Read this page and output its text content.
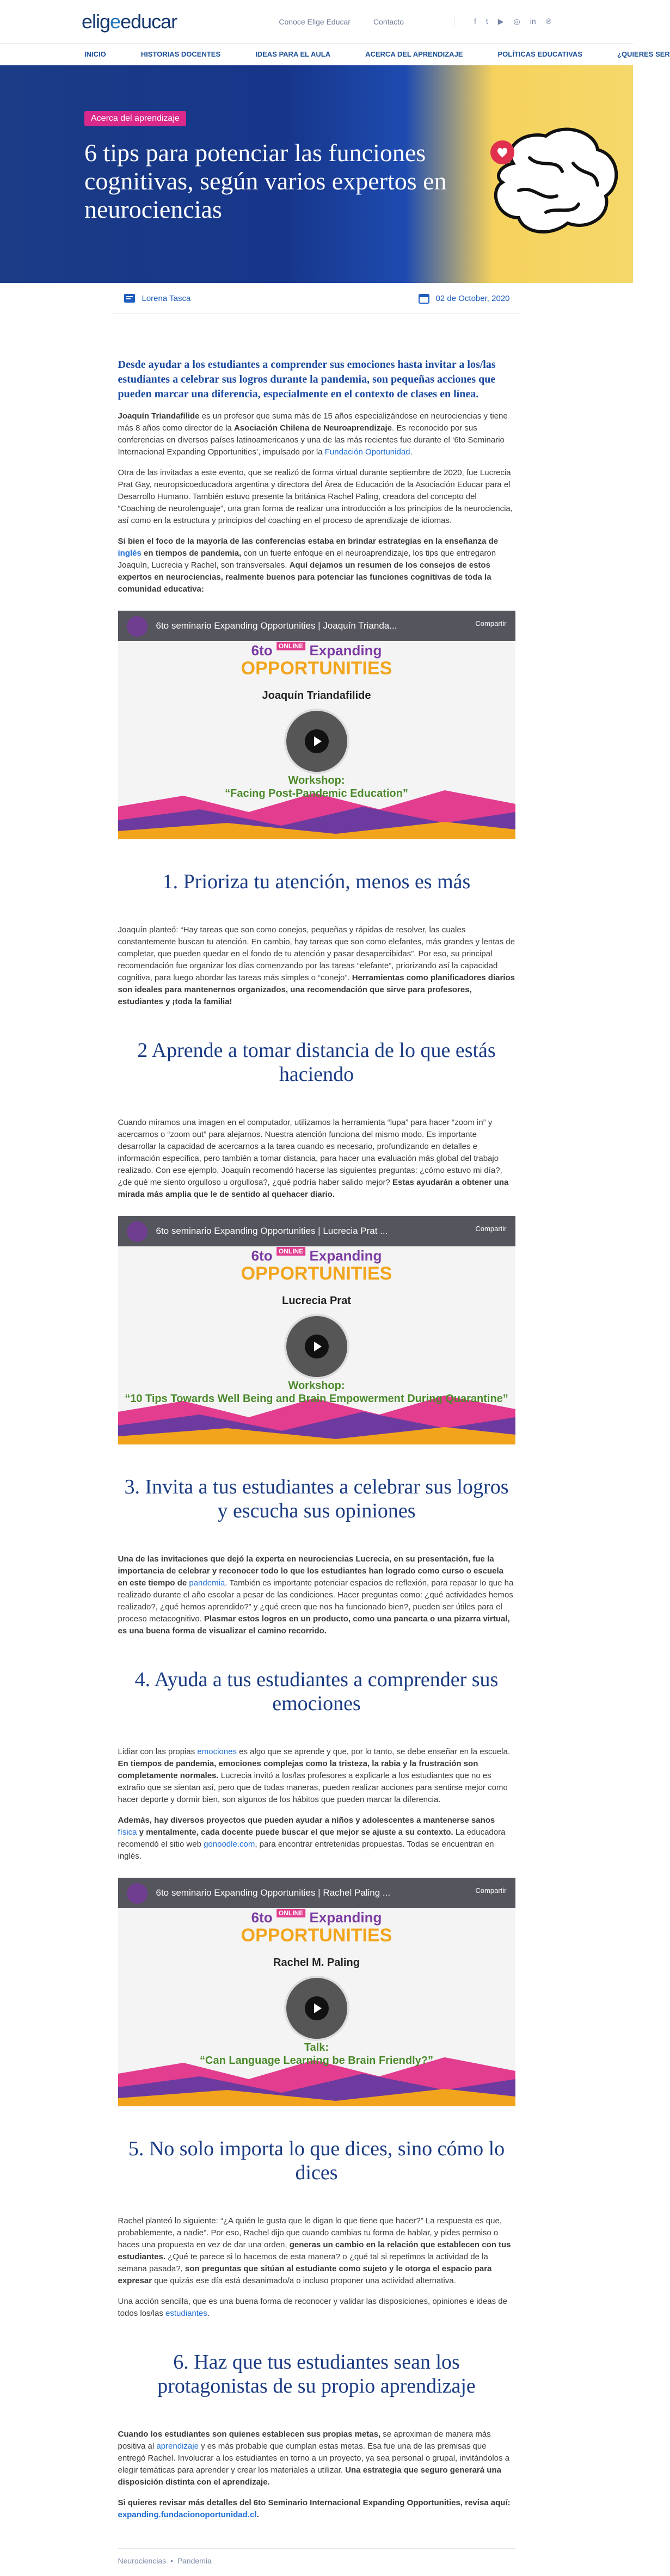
eligeeducar	Conoce Elige Educar	Contacto	f t ▶ ◎ in ℗
INICIO	HISTORIAS DOCENTES	IDEAS PARA EL AULA	ACERCA DEL APRENDIZAJE	POLÍTICAS EDUCATIVAS	¿QUIERES SER
Acerca del aprendizaje
6 tips para potenciar las funciones cognitivas, según varios expertos en neurociencias
Lorena Tasca	02 de October, 2020
Desde ayudar a los estudiantes a comprender sus emociones hasta invitar a los/las estudiantes a celebrar sus logros durante la pandemia, son pequeñas acciones que pueden marcar una diferencia, especialmente en el contexto de clases en línea.

Joaquín Triandafilide es un profesor que suma más de 15 años especializándose en neurociencias y tiene más 8 años como director de la Asociación Chilena de Neuroaprendizaje. Es reconocido por sus conferencias en diversos países latinoamericanos y una de las más recientes fue durante el ‘6to Seminario Internacional Expanding Opportunities’, impulsado por la Fundación Oportunidad.

Otra de las invitadas a este evento, que se realizó de forma virtual durante septiembre de 2020, fue Lucrecia Prat Gay, neuropsicoeducadora argentina y directora del Área de Educación de la Asociación Educar para el Desarrollo Humano. También estuvo presente la británica Rachel Paling, creadora del concepto del “Coaching de neurolenguaje”, una gran forma de realizar una introducción a los principios de la neurociencia, así como en la estructura y principios del coaching en el proceso de aprendizaje de idiomas.

Si bien el foco de la mayoría de las conferencias estaba en brindar estrategias en la enseñanza de inglés en tiempos de pandemia, con un fuerte enfoque en el neuroaprendizaje, los tips que entregaron Joaquín, Lucrecia y Rachel, son transversales. Aquí dejamos un resumen de los consejos de estos expertos en neurociencias, realmente buenos para potenciar las funciones cognitivas de toda la comunidad educativa:

6to seminario Expanding Opportunities | Joaquín Trianda...	Compartir
6to $^{ONLINE}$ Expanding
OPPORTUNITIES
Joaquín Triandafilide
Workshop:
“Facing Post-Pandemic Education”
1. Prioriza tu atención, menos es más

Joaquín planteó: “Hay tareas que son como conejos, pequeñas y rápidas de resolver, las cuales constantemente buscan tu atención. En cambio, hay tareas que son como elefantes, más grandes y lentas de completar, que pueden quedar en el fondo de tu atención y pasar desapercibidas”. Por eso, su principal recomendación fue organizar los días comenzando por las tareas “elefante”, priorizando así la capacidad cognitiva, para luego abordar las tareas más simples o “conejo”. Herramientas como planificadores diarios son ideales para mantenernos organizados, una recomendación que sirve para profesores, estudiantes y ¡toda la familia!

2 Aprende a tomar distancia de lo que estás haciendo

Cuando miramos una imagen en el computador, utilizamos la herramienta “lupa” para hacer “zoom in” y acercarnos o “zoom out” para alejarnos. Nuestra atención funciona del mismo modo. Es importante desarrollar la capacidad de acercarnos a la tarea cuando es necesario, profundizando en detalles e información específica, pero también a tomar distancia, para hacer una evaluación más global del trabajo realizado. Con ese ejemplo, Joaquín recomendó hacerse las siguientes preguntas: ¿cómo estuvo mi día?, ¿de qué me siento orgulloso u orgullosa?, ¿qué podría haber salido mejor? Estas ayudarán a obtener una mirada más amplia que le de sentido al quehacer diario.

6to seminario Expanding Opportunities | Lucrecia Prat ...	Compartir
6to $^{ONLINE}$ Expanding
OPPORTUNITIES
Lucrecia Prat
Workshop:
“10 Tips Towards Well Being and Brain Empowerment During Quarantine”
3. Invita a tus estudiantes a celebrar sus logros y escucha sus opiniones

Una de las invitaciones que dejó la experta en neurociencias Lucrecia, en su presentación, fue la importancia de celebrar y reconocer todo lo que los estudiantes han logrado como curso o escuela en este tiempo de pandemia. También es importante potenciar espacios de reflexión, para repasar lo que ha realizado durante el año escolar a pesar de las condiciones. Hacer preguntas como: ¿qué actividades hemos realizado?, ¿qué hemos aprendido?” y ¿qué creen que nos ha funcionado bien?, pueden ser útiles para el proceso metacognitivo. Plasmar estos logros en un producto, como una pancarta o una pizarra virtual, es una buena forma de visualizar el camino recorrido.

4. Ayuda a tus estudiantes a comprender sus emociones

Lidiar con las propias emociones es algo que se aprende y que, por lo tanto, se debe enseñar en la escuela. En tiempos de pandemia, emociones complejas como la tristeza, la rabia y la frustración son completamente normales. Lucrecia invitó a los/las profesores a explicarle a los estudiantes que no es extraño que se sientan así, pero que de todas maneras, pueden realizar acciones para sentirse mejor como hacer deporte y dormir bien, son algunos de los hábitos que pueden marcar la diferencia.

Además, hay diversos proyectos que pueden ayudar a niños y adolescentes a mantenerse sanos física y mentalmente, cada docente puede buscar el que mejor se ajuste a su contexto. La educadora recomendó el sitio web gonoodle.com, para encontrar entretenidas propuestas. Todas se encuentran en inglés.

6to seminario Expanding Opportunities | Rachel Paling ...	Compartir
6to $^{ONLINE}$ Expanding
OPPORTUNITIES
Rachel M. Paling
Talk:
“Can Language Learning be Brain Friendly?”
5. No solo importa lo que dices, sino cómo lo dices

Rachel planteó lo siguiente: “¿A quién le gusta que le digan lo que tiene que hacer?” La respuesta es que, probablemente, a nadie”. Por eso, Rachel dijo que cuando cambias tu forma de hablar, y pides permiso o haces una propuesta en vez de dar una orden, generas un cambio en la relación que establecen con tus estudiantes. ¿Qué te parece si lo hacemos de esta manera? o ¿qué tal si repetimos la actividad de la semana pasada?, son preguntas que sitúan al estudiante como sujeto y le otorga el espacio para expresar que quizás ese día está desanimado/a o incluso proponer una actividad alternativa.

Una acción sencilla, que es una buena forma de reconocer y validar las disposiciones, opiniones e ideas de todos los/las estudiantes.

6. Haz que tus estudiantes sean los protagonistas de su propio aprendizaje

Cuando los estudiantes son quienes establecen sus propias metas, se aproximan de manera más positiva al aprendizaje y es más probable que cumplan estas metas. Esa fue una de las premisas que entregó Rachel. Involucrar a los estudiantes en torno a un proyecto, ya sea personal o grupal, invitándolos a elegir temáticas para aprender y crear los materiales a utilizar. Una estrategia que seguro generará una disposición distinta con el aprendizaje.

Si quieres revisar más detalles del 6to Seminario Internacional Expanding Opportunities, revisa aquí: expanding.fundacionoportunidad.cl.

Neurociencias  •  Pandemia
